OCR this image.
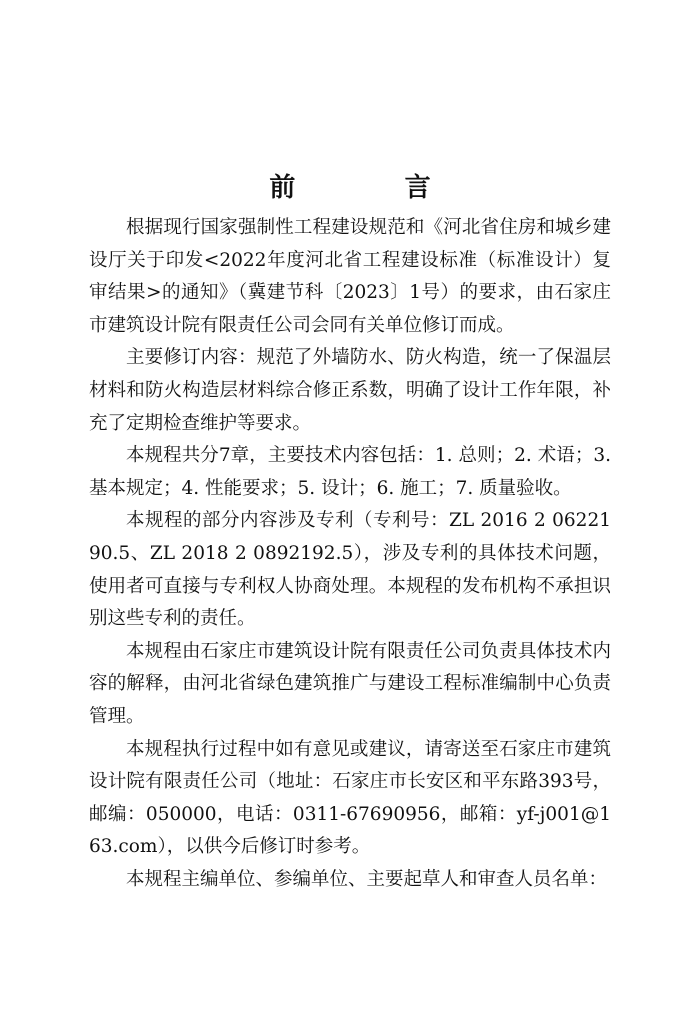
前　言

根据现行国家强制性工程建设规范和《河北省住房和城乡建设厅关于印发<2022年度河北省工程建设标准（标准设计）复审结果>的通知》（冀建节科〔2023〕1号）的要求，由石家庄市建筑设计院有限责任公司会同有关单位修订而成。

主要修订内容：规范了外墙防水、防火构造，统一了保温层材料和防火构造层材料综合修正系数，明确了设计工作年限，补充了定期检查维护等要求。

本规程共分7章，主要技术内容包括：1. 总则；2. 术语；3. 基本规定；4. 性能要求；5. 设计；6. 施工；7. 质量验收。

本规程的部分内容涉及专利（专利号：ZL 2016 2 0622190.5、ZL 2018 2 0892192.5），涉及专利的具体技术问题，使用者可直接与专利权人协商处理。本规程的发布机构不承担识别这些专利的责任。

本规程由石家庄市建筑设计院有限责任公司负责具体技术内容的解释，由河北省绿色建筑推广与建设工程标准编制中心负责管理。

本规程执行过程中如有意见或建议，请寄送至石家庄市建筑设计院有限责任公司（地址：石家庄市长安区和平东路393号，邮编：050000，电话：0311-67690956，邮箱：yf-j001@163.com），以供今后修订时参考。

本规程主编单位、参编单位、主要起草人和审查人员名单：
